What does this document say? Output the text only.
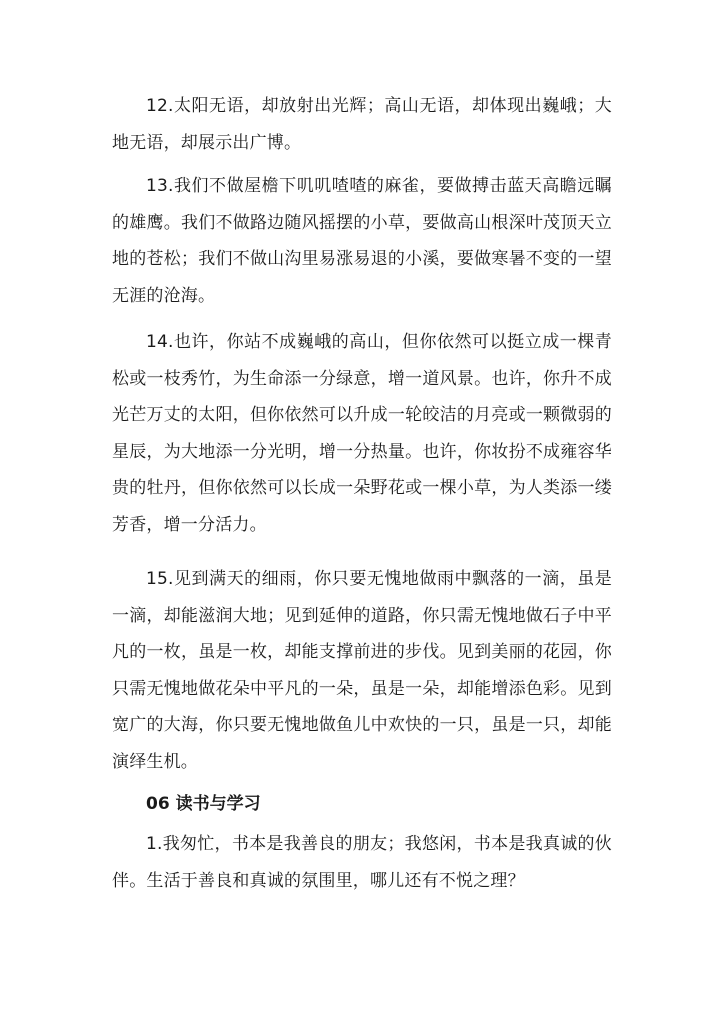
12.太阳无语，却放射出光辉；高山无语，却体现出巍峨；大地无语，却展示出广博。

13.我们不做屋檐下叽叽喳喳的麻雀，要做搏击蓝天高瞻远瞩的雄鹰。我们不做路边随风摇摆的小草，要做高山根深叶茂顶天立地的苍松；我们不做山沟里易涨易退的小溪，要做寒暑不变的一望无涯的沧海。

14.也许，你站不成巍峨的高山，但你依然可以挺立成一棵青松或一枝秀竹，为生命添一分绿意，增一道风景。也许，你升不成光芒万丈的太阳，但你依然可以升成一轮皎洁的月亮或一颗微弱的星辰，为大地添一分光明，增一分热量。也许，你妆扮不成雍容华贵的牡丹，但你依然可以长成一朵野花或一棵小草，为人类添一缕芳香，增一分活力。

15.见到满天的细雨，你只要无愧地做雨中飘落的一滴，虽是一滴，却能滋润大地；见到延伸的道路，你只需无愧地做石子中平凡的一枚，虽是一枚，却能支撑前进的步伐。见到美丽的花园，你只需无愧地做花朵中平凡的一朵，虽是一朵，却能增添色彩。见到宽广的大海，你只要无愧地做鱼儿中欢快的一只，虽是一只，却能演绎生机。

06 读书与学习

1.我匆忙，书本是我善良的朋友；我悠闲，书本是我真诚的伙伴。生活于善良和真诚的氛围里，哪儿还有不悦之理？
